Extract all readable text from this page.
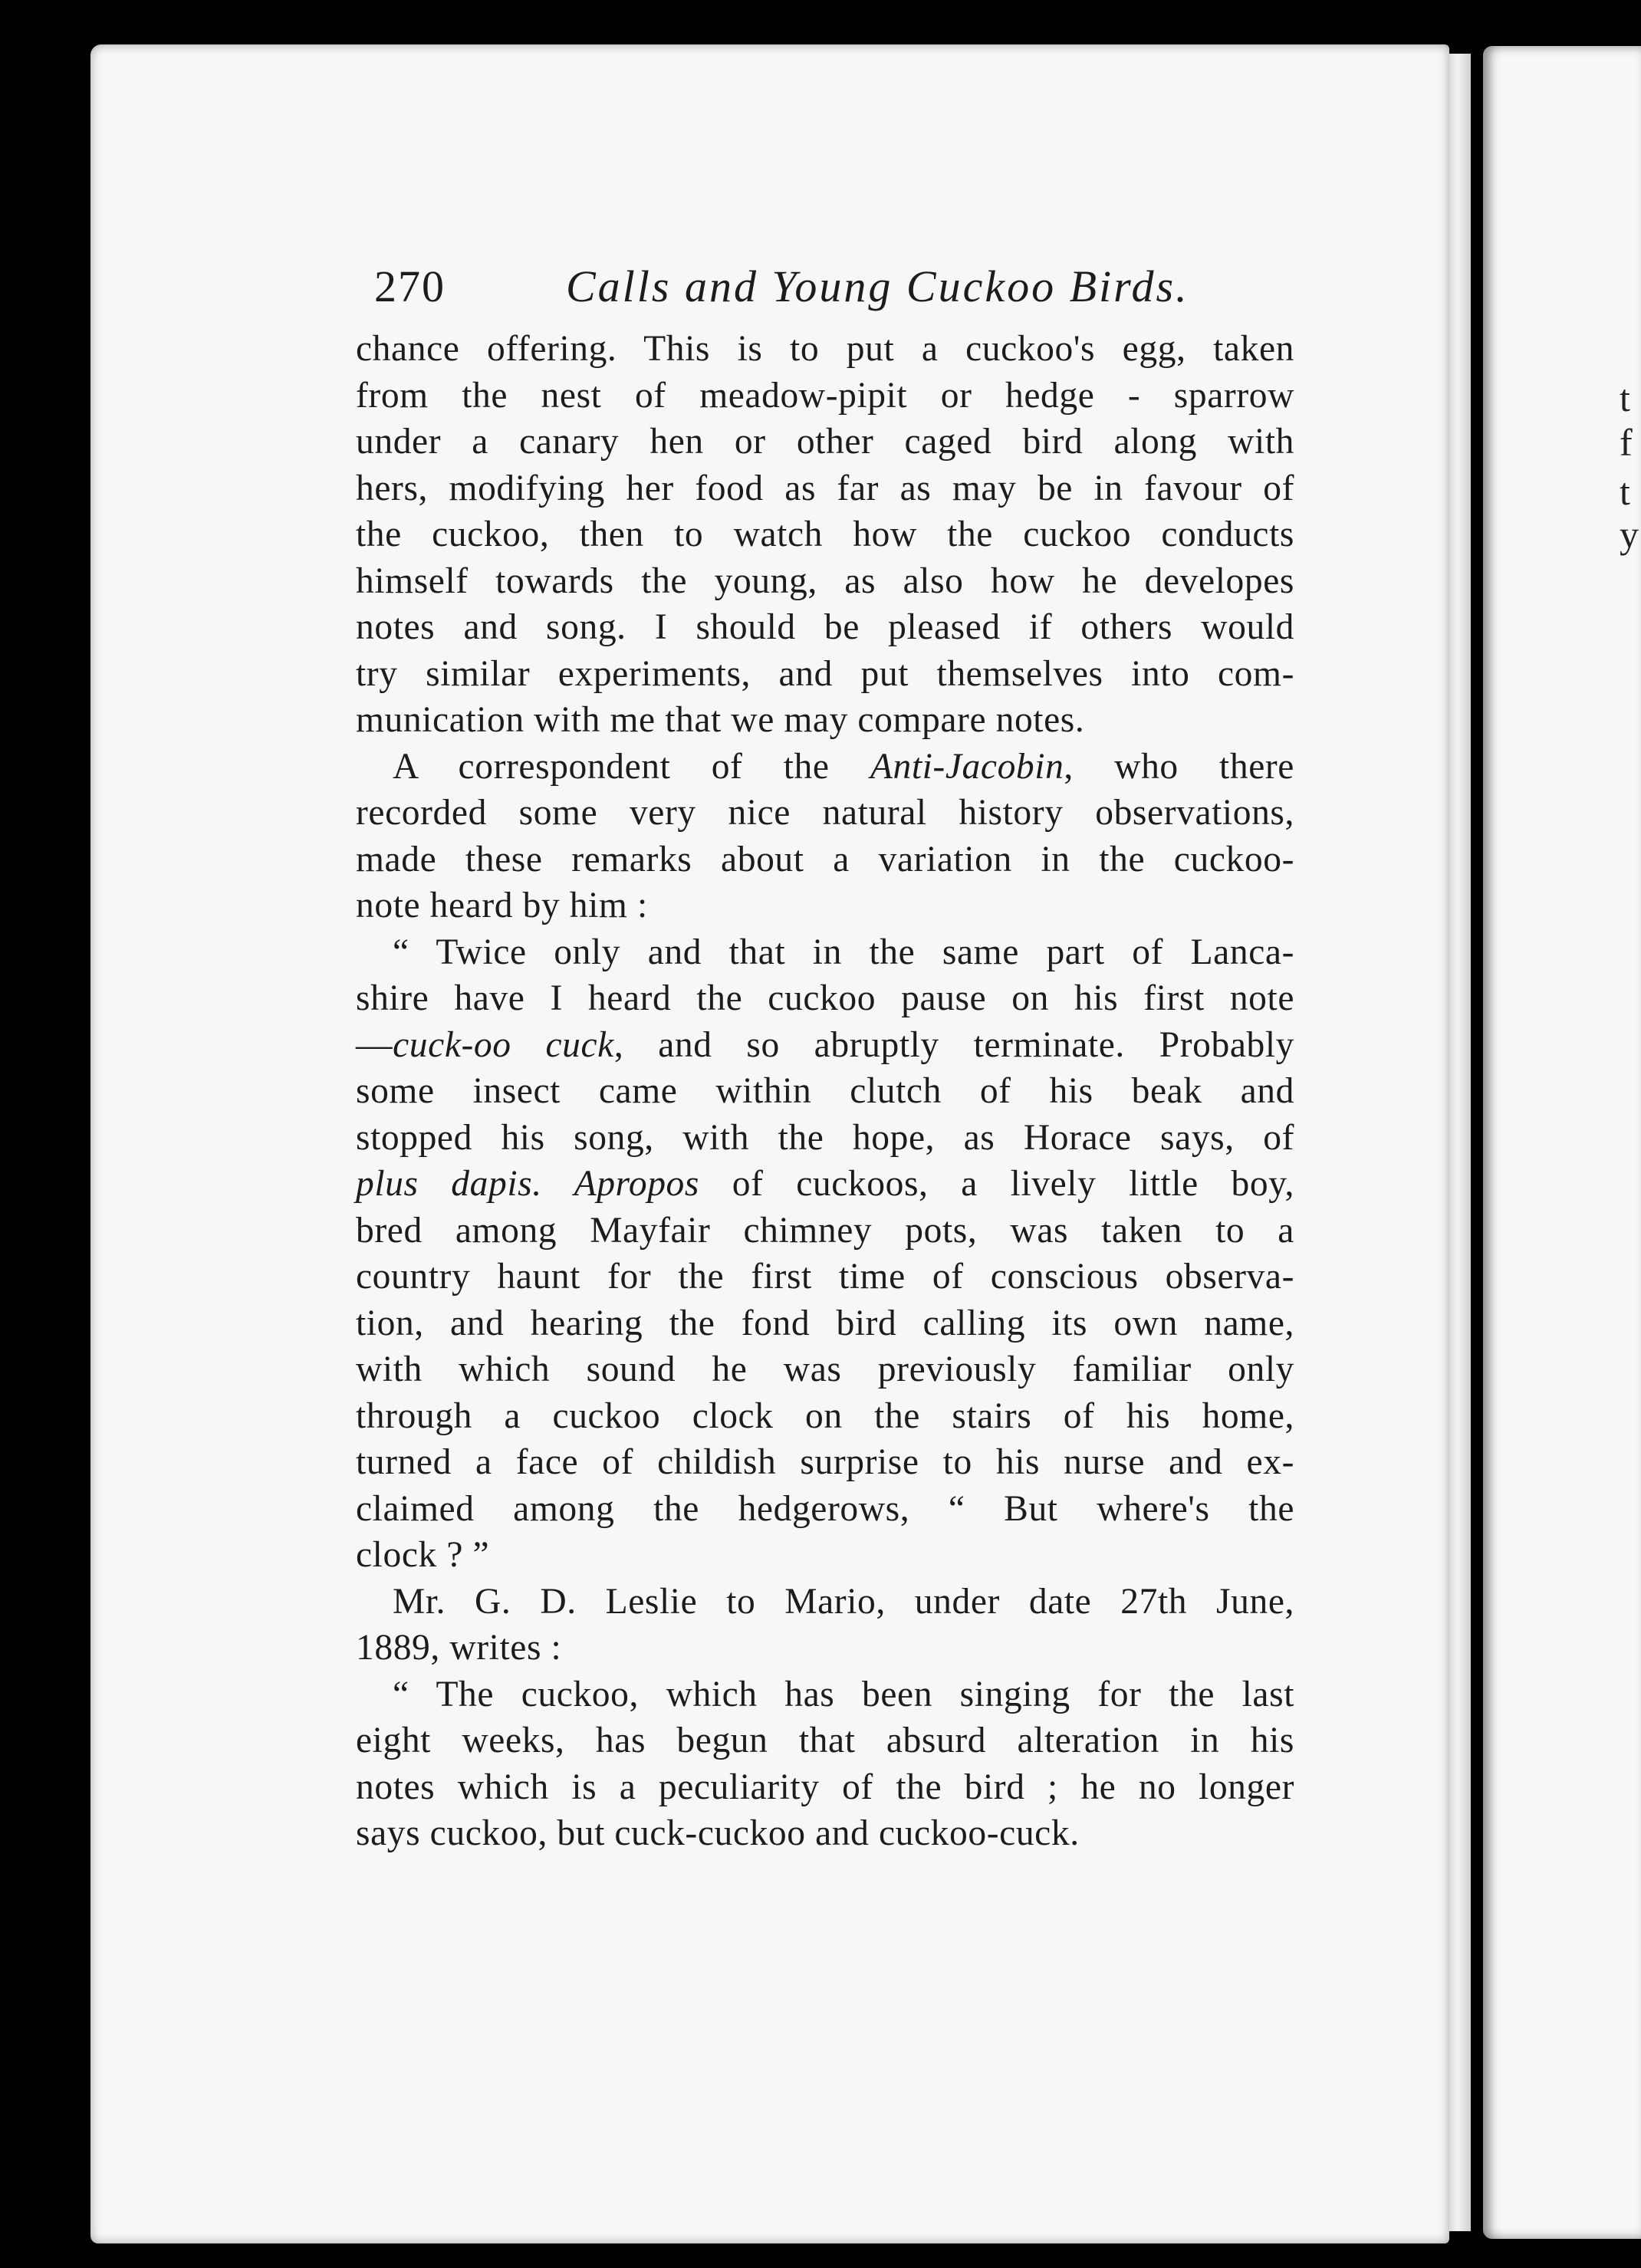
270	Calls and Young Cuckoo Birds.
chance offering. This is to put a cuckoo's egg, taken
from the nest of meadow-pipit or hedge - sparrow
under a canary hen or other caged bird along with
hers, modifying her food as far as may be in favour of
the cuckoo, then to watch how the cuckoo conducts
himself towards the young, as also how he developes
notes and song. I should be pleased if others would
try similar experiments, and put themselves into com-
munication with me that we may compare notes.
A correspondent of the Anti-Jacobin, who there
recorded some very nice natural history observations,
made these remarks about a variation in the cuckoo-
note heard by him :
“ Twice only and that in the same part of Lanca-
shire have I heard the cuckoo pause on his first note
—cuck-oo cuck, and so abruptly terminate. Probably
some insect came within clutch of his beak and
stopped his song, with the hope, as Horace says, of
plus dapis. Apropos of cuckoos, a lively little boy,
bred among Mayfair chimney pots, was taken to a
country haunt for the first time of conscious observa-
tion, and hearing the fond bird calling its own name,
with which sound he was previously familiar only
through a cuckoo clock on the stairs of his home,
turned a face of childish surprise to his nurse and ex-
claimed among the hedgerows, “ But where's the
clock ? ”
Mr. G. D. Leslie to Mario, under date 27th June,
1889, writes :
“ The cuckoo, which has been singing for the last
eight weeks, has begun that absurd alteration in his
notes which is a peculiarity of the bird ; he no longer
says cuckoo, but cuck-cuckoo and cuckoo-cuck.
t
f
t
y
